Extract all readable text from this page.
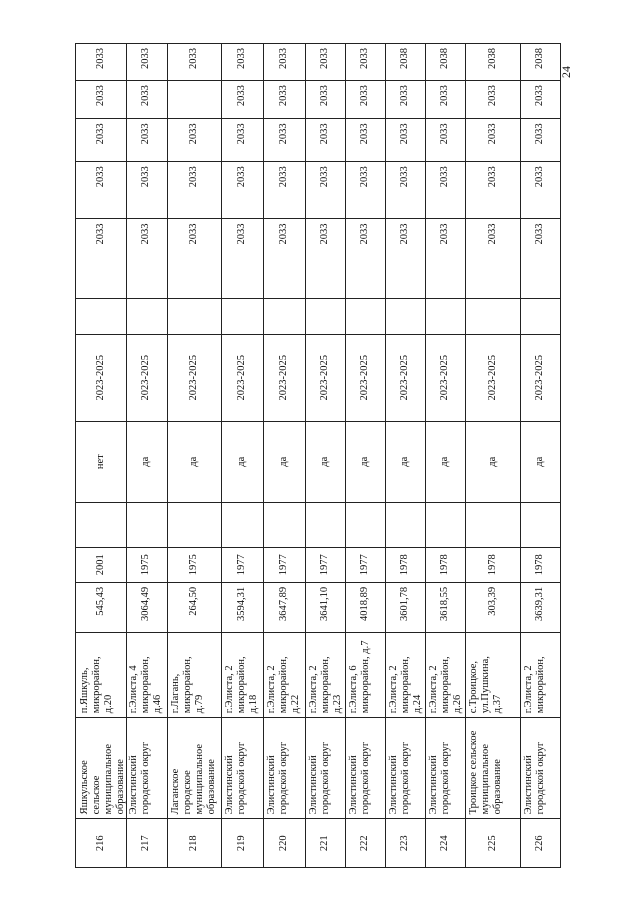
24
216
Яшкульское сельское муниципальное образование
п.Яшкуль, микрорайон, д.20
545,43
2001
нет
2023-2025
2033
2033
2033
2033
2033
217
Элистинский городской округ
г.Элиста, 4 микрорайон, д.46
3064,49
1975
да
2023-2025
2033
2033
2033
2033
2033
218
Лаганское городское муниципальное образование
г.Лагань, микрорайон, д.79
264,50
1975
да
2023-2025
2033
2033
2033
2033
219
Элистинский городской округ
г.Элиста, 2 микрорайон, д.18
3594,31
1977
да
2023-2025
2033
2033
2033
2033
2033
220
Элистинский городской округ
г.Элиста, 2 микрорайон, д.22
3647,89
1977
да
2023-2025
2033
2033
2033
2033
2033
221
Элистинский городской округ
г.Элиста, 2 микрорайон, д.23
3641,10
1977
да
2023-2025
2033
2033
2033
2033
2033
222
Элистинский городской округ
г.Элиста, 6 микрорайон, д.7
4018,89
1977
да
2023-2025
2033
2033
2033
2033
2033
223
Элистинский городской округ
г.Элиста, 2 микрорайон, д.24
3601,78
1978
да
2023-2025
2033
2033
2033
2033
2038
224
Элистинский городской округ
г.Элиста, 2 микрорайон, д.26
3618,55
1978
да
2023-2025
2033
2033
2033
2033
2038
225
Троицкое сельское муниципальное образование
с.Троицкое, ул.Пушкина, д.37
303,39
1978
да
2023-2025
2033
2033
2033
2033
2038
226
Элистинский городской округ
г.Элиста, 2 микрорайон,
3639,31
1978
да
2023-2025
2033
2033
2033
2033
2038
